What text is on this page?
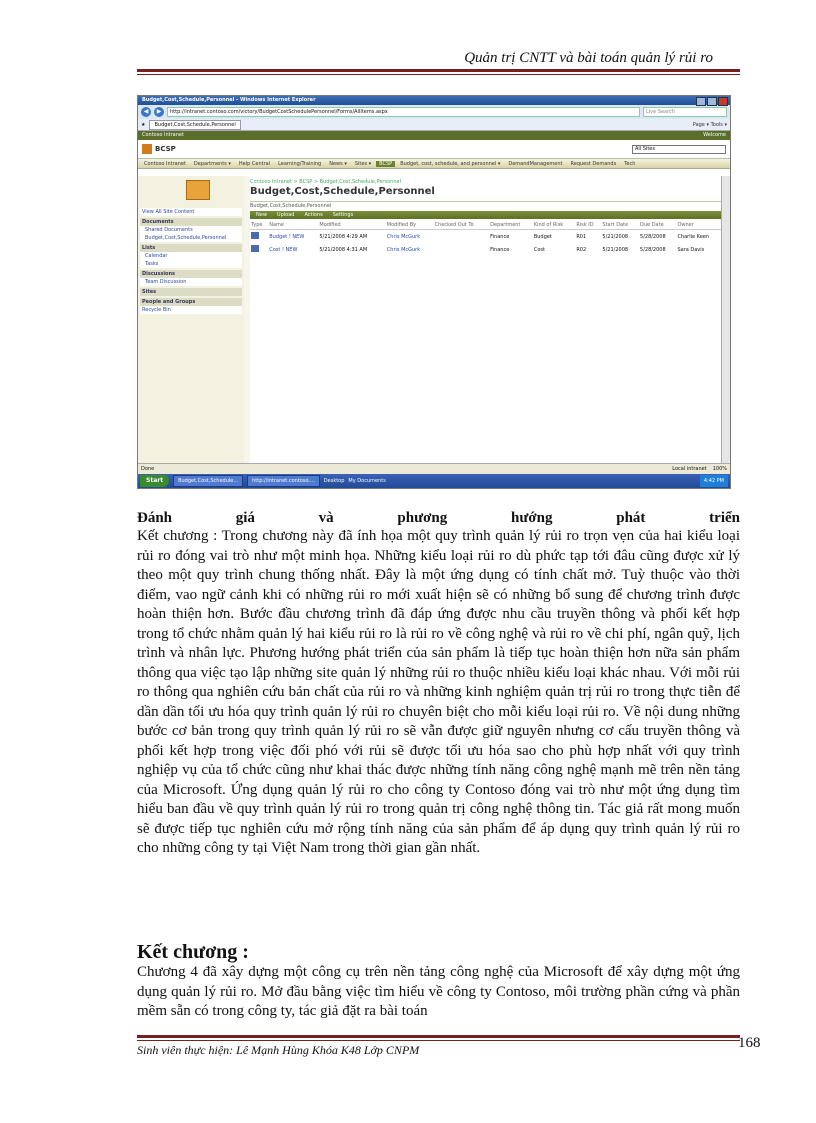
Quản trị CNTT và bài toán quản lý rủi ro
Budget,Cost,Schedule,Personnel - Windows Internet Explorer
◀	▶	http://intranet.contoso.com/victory/BudgetCostSchedulePersonnel/Forms/AllItems.aspx	Live Search
★	Budget,Cost,Schedule,Personnel	Page ▾ Tools ▾
Contoso Intranet	Welcome
BCSP	All Sites
Contoso Intranet	Departments ▾	Help Central	Learning/Training	News ▾	Sites ▾	BCSP	Budget, cost, schedule, and personnel ▾	DemandManagement	Request Demands	Tech
View All Site Content
Documents
Shared Documents
Budget,Cost,Schedule,Personnel
Lists
Calendar
Tasks
Discussions
Team Discussion
Sites
People and Groups
Recycle Bin
Contoso Intranet > BCSP > Budget,Cost,Schedule,Personnel
Budget,Cost,Schedule,Personnel
Budget,Cost,Schedule,Personnel
New Upload Actions Settings
Type	Name	Modified	Modified By	Checked Out To	Department	Kind of Risk	Risk ID	Start Date	Due Date	Owner
	Budget ! NEW	5/21/2008 4:29 AM	Chris McGurk		Finance	Budget	R01	5/21/2008	5/28/2008	Charlie Keen
	Cost ! NEW	5/21/2008 4:31 AM	Chris McGurk		Finance	Cost	R02	5/21/2008	5/28/2008	Sara Davis
Done	Local intranet 100%
Start	Budget,Cost,Schedule...	http://intranet.contoso....	Desktop My Documents	4:42 PM
Đánh giá và phương hướng phát triển

Kết chương : Trong chương này đã ính họa một quy trình quản lý rủi ro trọn vẹn của hai kiểu loại rủi ro đóng vai trò như một minh họa. Những kiểu loại rủi ro dù phức tạp tới đâu cũng được xử lý theo một quy trình chung thống nhất. Đây là một ứng dụng có tính chất mở. Tuỳ thuộc vào thời điểm, vao ngữ cảnh khi có những rủi ro mới xuất hiện sẽ có những bổ sung để chương trình được hoàn thiện hơn. Bước đầu chương trình đã đáp ứng được nhu cầu truyền thông và phối kết hợp trong tổ chức nhằm quản lý hai kiểu rủi ro là rủi ro về công nghệ và rủi ro về chi phí, ngân quỹ, lịch trình và nhân lực. Phương hướng phát triển của sản phẩm là tiếp tục hoàn thiện hơn nữa sản phẩm thông qua việc tạo lập những site quản lý những rủi ro thuộc nhiều kiểu loại khác nhau. Với mỗi rủi ro thông qua nghiên cứu bản chất của rủi ro và những kinh nghiệm quản trị rủi ro trong thực tiễn để dần dần tối ưu hóa quy trình quản lý rủi ro chuyên biệt cho mỗi kiểu loại rủi ro. Về nội dung những bước cơ bản trong quy trình quản lý rủi ro sẽ vẫn được giữ nguyên nhưng cơ cấu truyền thông và phối kết hợp trong việc đối phó với rủi sẽ được tối ưu hóa sao cho phù hợp nhất với quy trình nghiệp vụ của tổ chức cũng như khai thác được những tính năng công nghệ mạnh mẽ trên nền tảng của Microsoft. Ứng dụng quản lý rủi ro cho công ty Contoso đóng vai trò như một ứng dụng tìm hiểu ban đầu về quy trình quản lý rủi ro trong quản trị công nghệ thông tin. Tác giả rất mong muốn sẽ được tiếp tục nghiên cứu mở rộng tính năng của sản phẩm để áp dụng quy trình quản lý rủi ro cho những công ty tại Việt Nam trong thời gian gần nhất.

Kết chương :

Chương 4 đã xây dựng một công cụ trên nền tảng công nghệ của Microsoft để xây dựng một ứng dụng quản lý rủi ro. Mở đầu bằng việc tìm hiểu về công ty Contoso, môi trường phần cứng và phần mềm sẵn có trong công ty, tác giả đặt ra bài toán

Sinh viên thực hiện: Lê Mạnh Hùng Khóa K48 Lớp CNPM	168
